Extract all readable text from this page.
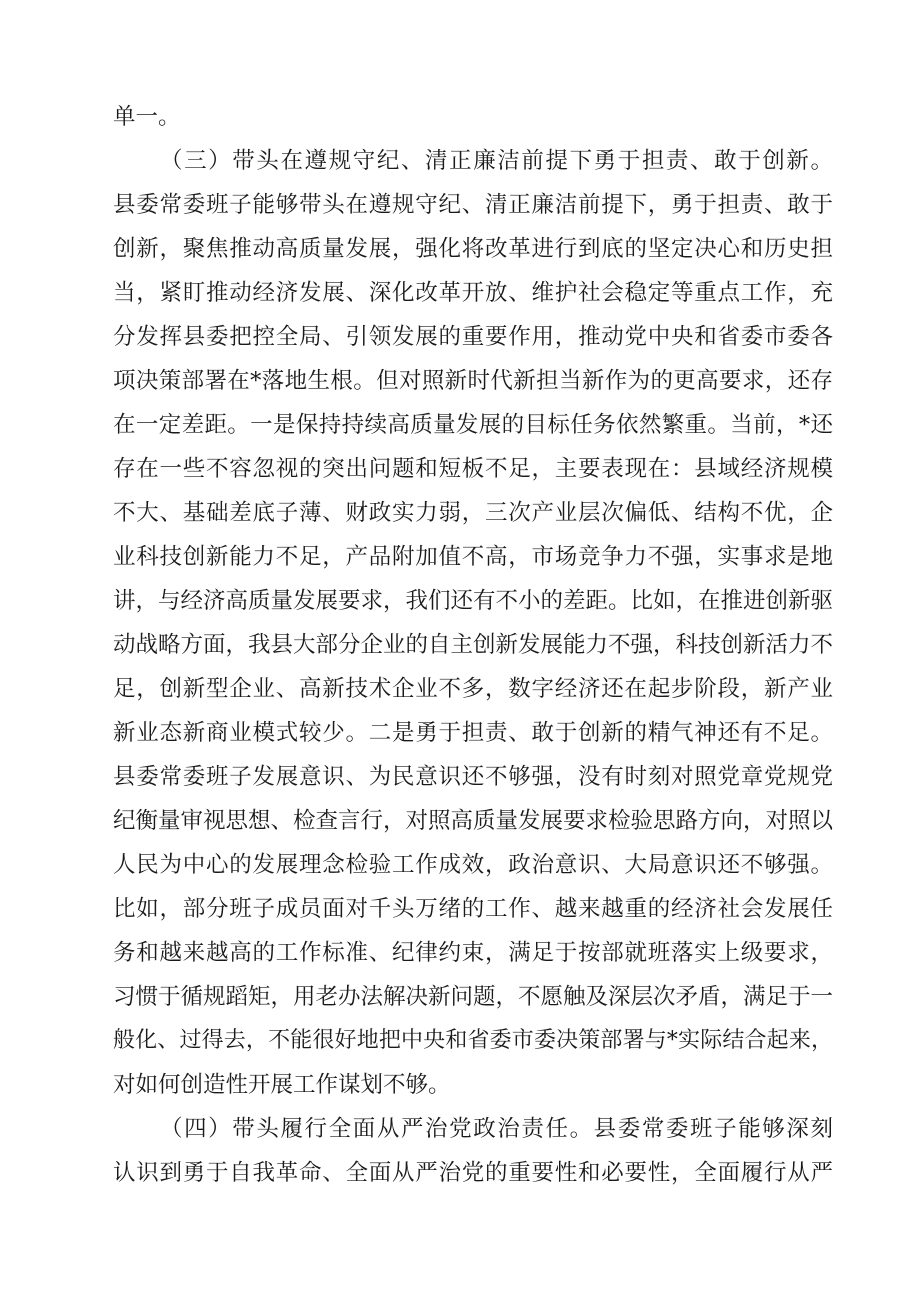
单一。
（三）带头在遵规守纪、清正廉洁前提下勇于担责、敢于创新。
县委常委班子能够带头在遵规守纪、清正廉洁前提下，勇于担责、敢于
创新，聚焦推动高质量发展，强化将改革进行到底的坚定决心和历史担
当，紧盯推动经济发展、深化改革开放、维护社会稳定等重点工作，充
分发挥县委把控全局、引领发展的重要作用，推动党中央和省委市委各
项决策部署在*落地生根。但对照新时代新担当新作为的更高要求，还存
在一定差距。一是保持持续高质量发展的目标任务依然繁重。当前，*还
存在一些不容忽视的突出问题和短板不足，主要表现在：县域经济规模
不大、基础差底子薄、财政实力弱，三次产业层次偏低、结构不优，企
业科技创新能力不足，产品附加值不高，市场竞争力不强，实事求是地
讲，与经济高质量发展要求，我们还有不小的差距。比如，在推进创新驱
动战略方面，我县大部分企业的自主创新发展能力不强，科技创新活力不
足，创新型企业、高新技术企业不多，数字经济还在起步阶段，新产业
新业态新商业模式较少。二是勇于担责、敢于创新的精气神还有不足。
县委常委班子发展意识、为民意识还不够强，没有时刻对照党章党规党
纪衡量审视思想、检查言行，对照高质量发展要求检验思路方向，对照以
人民为中心的发展理念检验工作成效，政治意识、大局意识还不够强。
比如，部分班子成员面对千头万绪的工作、越来越重的经济社会发展任
务和越来越高的工作标准、纪律约束，满足于按部就班落实上级要求，
习惯于循规蹈矩，用老办法解决新问题，不愿触及深层次矛盾，满足于一
般化、过得去，不能很好地把中央和省委市委决策部署与*实际结合起来，
对如何创造性开展工作谋划不够。
（四）带头履行全面从严治党政治责任。县委常委班子能够深刻
认识到勇于自我革命、全面从严治党的重要性和必要性，全面履行从严
